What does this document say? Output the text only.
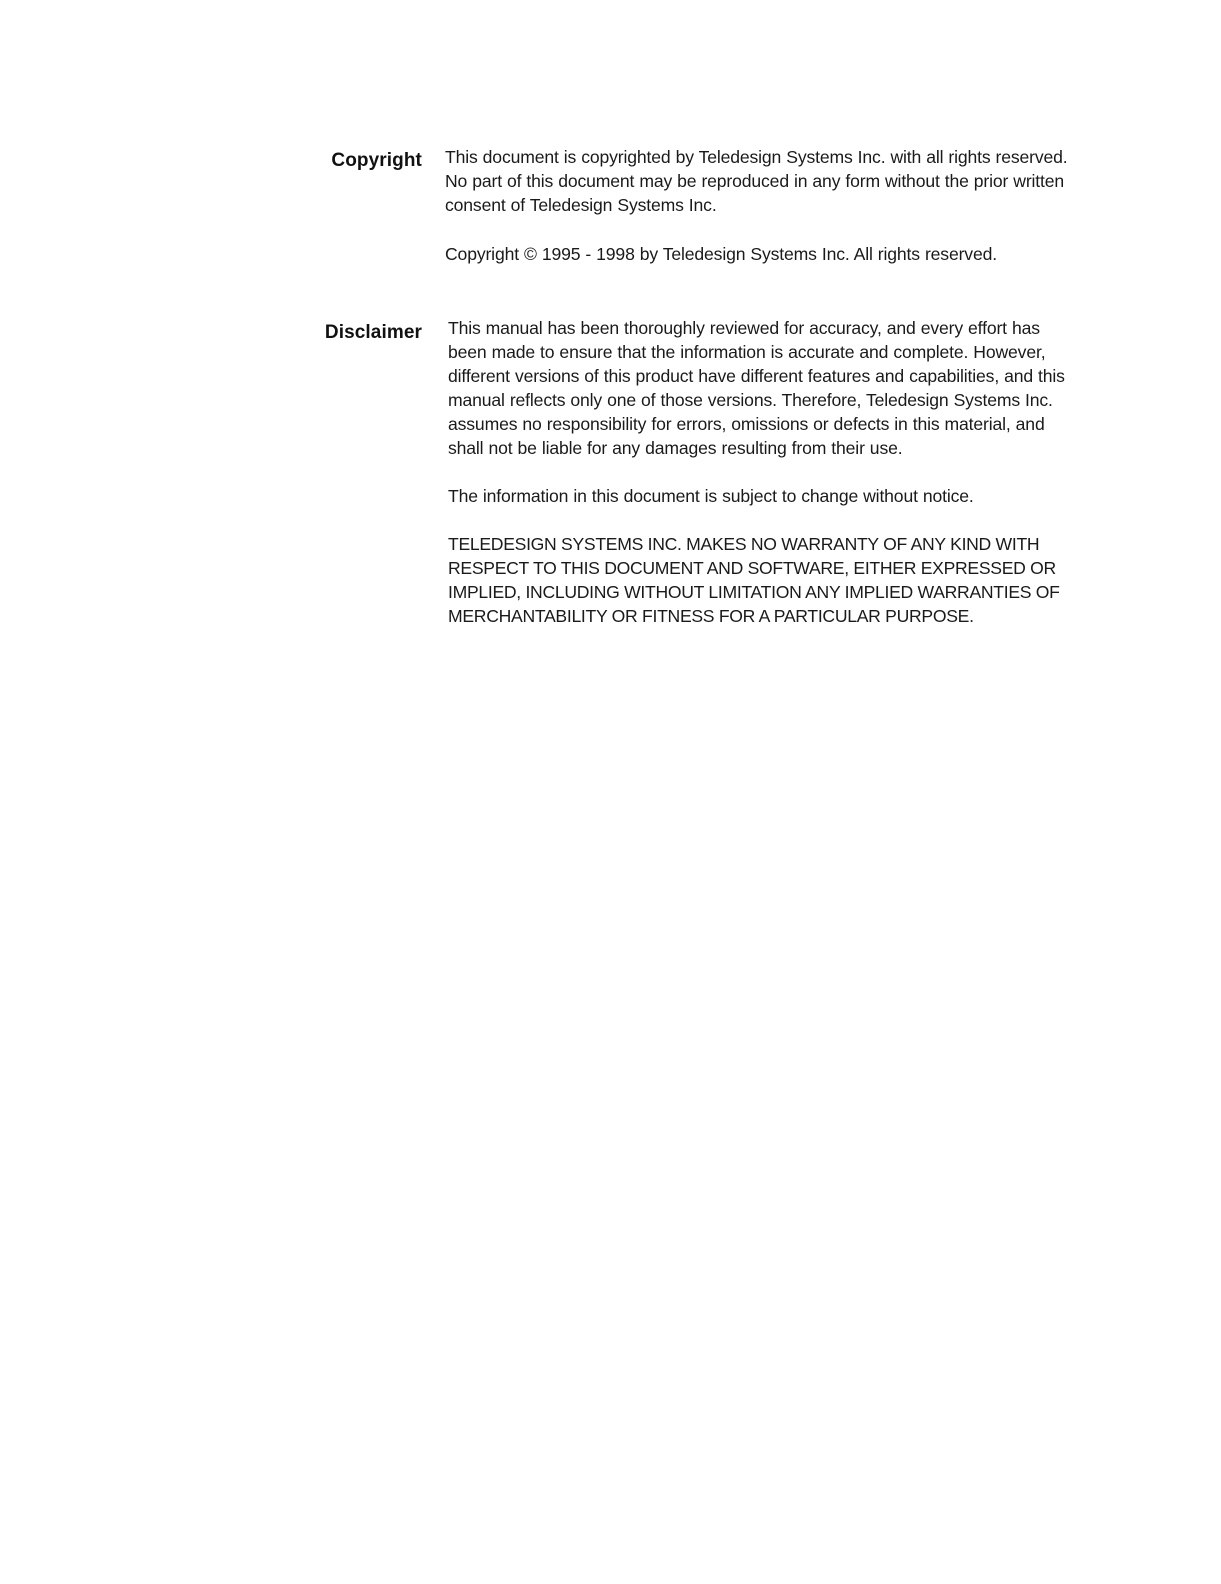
Copyright This document is copyrighted by Teledesign Systems Inc. with all rights reserved.
No part of this document may be reproduced in any form without the prior written
consent of Teledesign Systems Inc.

Copyright © 1995 - 1998 by Teledesign Systems Inc. All rights reserved.

Disclaimer This manual has been thoroughly reviewed for accuracy, and every effort has
been made to ensure that the information is accurate and complete. However,
different versions of this product have different features and capabilities, and this
manual reflects only one of those versions. Therefore, Teledesign Systems Inc.
assumes no responsibility for errors, omissions or defects in this material, and
shall not be liable for any damages resulting from their use.

The information in this document is subject to change without notice.

TELEDESIGN SYSTEMS INC. MAKES NO WARRANTY OF ANY KIND WITH
RESPECT TO THIS DOCUMENT AND SOFTWARE, EITHER EXPRESSED OR
IMPLIED, INCLUDING WITHOUT LIMITATION ANY IMPLIED WARRANTIES OF
MERCHANTABILITY OR FITNESS FOR A PARTICULAR PURPOSE.
